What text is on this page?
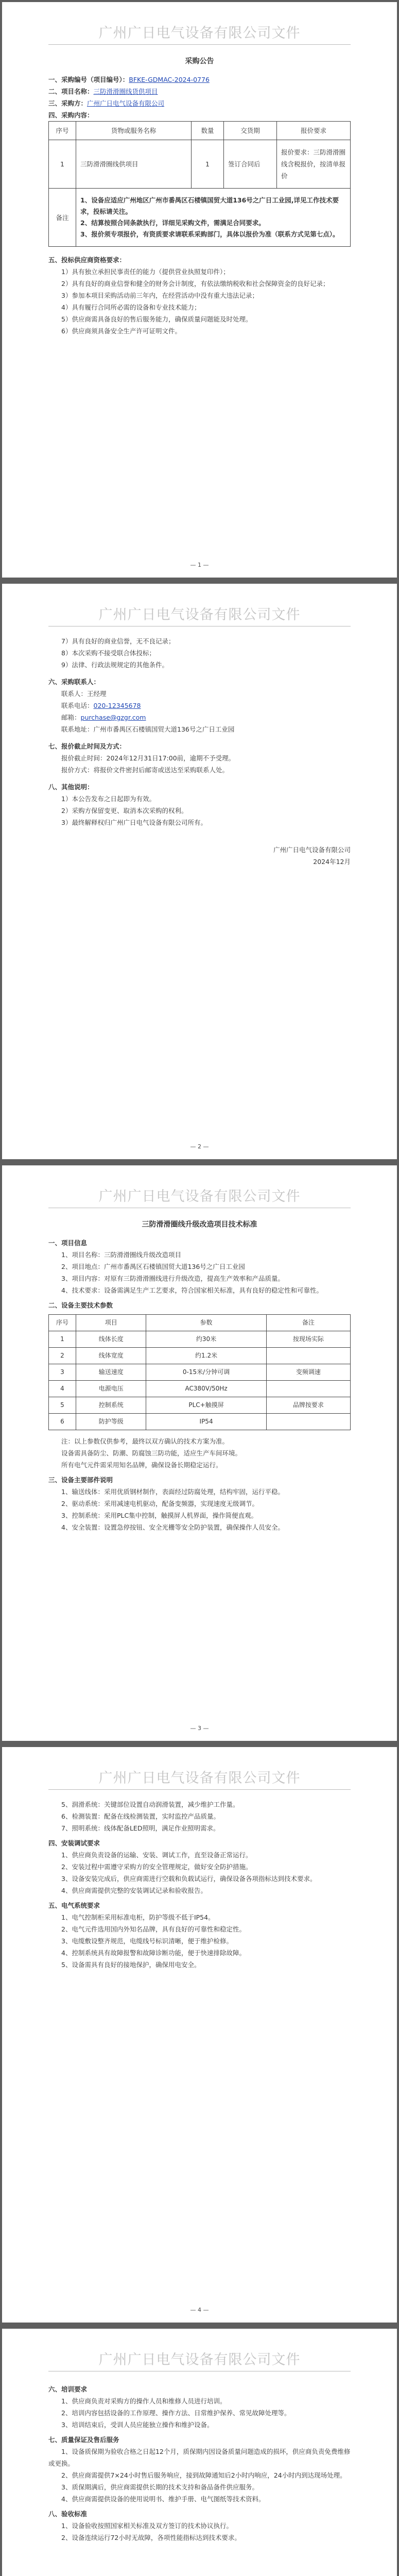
广州广日电气设备有限公司文件
采购公告

一、采购编号（项目编号）：BFKE-GDMAC-2024-0776

二、项目名称：三防滑滑圈线货供项目

三、采购方：广州广日电气设备有限公司

四、采购内容：

序号	货物或服务名称	数量	交货期	报价要求
1	三防滑滑圈线供项目	1	签订合同后	报价要求：三防滑滑圈线含税报价，按清单报价
备注	1、设备应适应广州地区广州市番禺区石楼镇国贸大道136号之广日工业园,详见工作技术要求，投标请关注。

2、结算按照合同条款执行，详细见采购文件，需满足合同要求。

3、报价须专项报价，有资质要求请联系采购部门，具体以报价为准（联系方式见第七点）。			

五、投标供应商资格要求：

1）具有独立承担民事责任的能力（提供营业执照复印件）；

2）具有良好的商业信誉和健全的财务会计制度，有依法缴纳税收和社会保障资金的良好记录；

3）参加本项目采购活动前三年内，在经营活动中没有重大违法记录；

4）具有履行合同所必需的设备和专业技术能力；

5）供应商需具备良好的售后服务能力，确保质量问题能及时处理。

6）供应商须具备安全生产许可证明文件。

— 1 —
广州广日电气设备有限公司文件

7）具有良好的商业信誉，无不良记录；

8）本次采购不接受联合体投标；

9）法律、行政法规规定的其他条件。

六、采购联系人：

联系人：王经理

联系电话：020-12345678

邮箱：purchase@gzgr.com

联系地址：广州市番禺区石楼镇国贸大道136号之广日工业园

七、报价截止时间及方式：

报价截止时间：2024年12月31日17:00前，逾期不予受理。

报价方式：将报价文件密封后邮寄或送达至采购联系人处。

八、其他说明：

1）本公告发布之日起即为有效。

2）采购方保留变更、取消本次采购的权利。

3）最终解释权归广州广日电气设备有限公司所有。

广州广日电气设备有限公司

2024年12月

— 2 —
广州广日电气设备有限公司文件
三防滑滑圈线升级改造项目技术标准

一、项目信息

1、项目名称：三防滑滑圈线升级改造项目

2、项目地点：广州市番禺区石楼镇国贸大道136号之广日工业园

3、项目内容：对原有三防滑滑圈线进行升级改造，提高生产效率和产品质量。

4、技术要求：设备需满足生产工艺要求，符合国家相关标准，具有良好的稳定性和可靠性。

二、设备主要技术参数

序号	项目	参数	备注
1	线体长度	约30米	按现场实际
2	线体宽度	约1.2米	
3	输送速度	0-15米/分钟可调	变频调速
4	电源电压	AC380V/50Hz	
5	控制系统	PLC+触摸屏	品牌按要求
6	防护等级	IP54	

注：以上参数仅供参考，最终以双方确认的技术方案为准。

设备需具备防尘、防潮、防腐蚀三防功能，适应生产车间环境。

所有电气元件需采用知名品牌，确保设备长期稳定运行。

三、设备主要部件说明

1、输送线体：采用优质钢材制作，表面经过防腐处理，结构牢固，运行平稳。

2、驱动系统：采用减速电机驱动，配备变频器，实现速度无级调节。

3、控制系统：采用PLC集中控制，触摸屏人机界面，操作简便直观。

4、安全装置：设置急停按钮、安全光栅等安全防护装置，确保操作人员安全。

— 3 —
广州广日电气设备有限公司文件

5、润滑系统：关键部位设置自动润滑装置，减少维护工作量。

6、检测装置：配备在线检测装置，实时监控产品质量。

7、照明系统：线体配备LED照明，满足作业照明需求。

四、安装调试要求

1、供应商负责设备的运输、安装、调试工作，直至设备正常运行。

2、安装过程中需遵守采购方的安全管理规定，做好安全防护措施。

3、设备安装完成后，供应商需进行空载和负载试运行，确保设备各项指标达到技术要求。

4、供应商需提供完整的安装调试记录和验收报告。

五、电气系统要求

1、电气控制柜采用标准电柜，防护等级不低于IP54。

2、电气元件选用国内外知名品牌，具有良好的可靠性和稳定性。

3、电缆敷设整齐规范，电缆线号标识清晰，便于维护检修。

4、控制系统具有故障报警和故障诊断功能，便于快速排除故障。

5、设备需具有良好的接地保护，确保用电安全。

— 4 —
广州广日电气设备有限公司文件

六、培训要求

1、供应商负责对采购方的操作人员和维修人员进行培训。

2、培训内容包括设备的工作原理、操作方法、日常维护保养、常见故障处理等。

3、培训结束后，受训人员应能独立操作和维护设备。

七、质量保证及售后服务

1、设备质保期为验收合格之日起12个月，质保期内因设备质量问题造成的损坏，供应商负责免费维修或更换。

2、供应商需提供7×24小时售后服务响应，接到故障通知后2小时内响应，24小时内到达现场处理。

3、质保期满后，供应商需提供长期的技术支持和备品备件供应服务。

4、供应商需提供设备的使用说明书、维护手册、电气图纸等技术资料。

八、验收标准

1、设备验收按照国家相关标准及双方签订的技术协议执行。

2、设备连续运行72小时无故障，各项性能指标达到技术要求。
